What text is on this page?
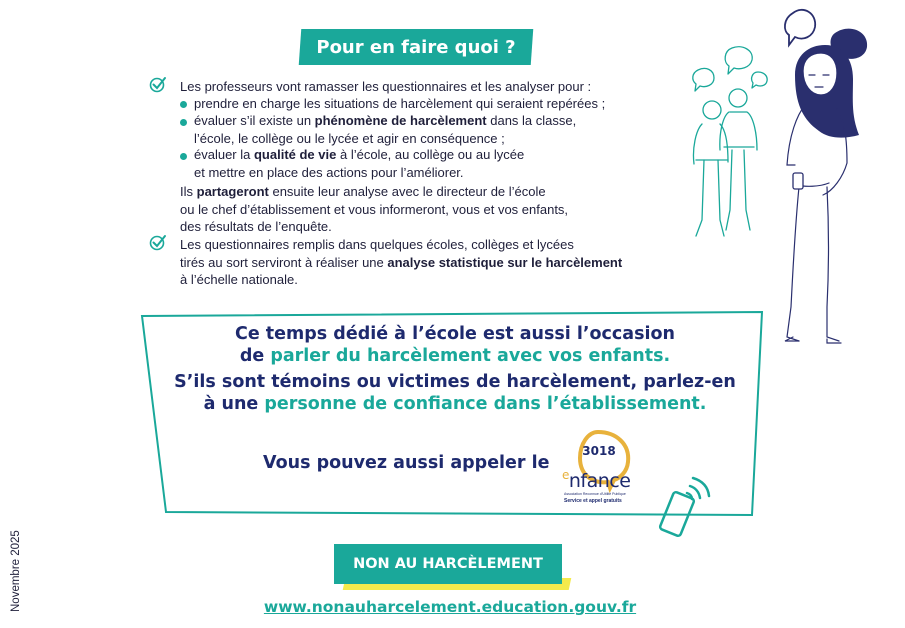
Pour en faire quoi ?
Les professeurs vont ramasser les questionnaires et les analyser pour :
prendre en charge les situations de harcèlement qui seraient repérées ;
évaluer s’il existe un phénomène de harcèlement dans la classe,
l’école, le collège ou le lycée et agir en conséquence ;
évaluer la qualité de vie à l’école, au collège ou au lycée
et mettre en place des actions pour l’améliorer.
Ils partageront ensuite leur analyse avec le directeur de l’école
ou le chef d’établissement et vous informeront, vous et vos enfants,
des résultats de l’enquête.
Les questionnaires remplis dans quelques écoles, collèges et lycées
tirés au sort serviront à réaliser une analyse statistique sur le harcèlement
à l’échelle nationale.
Ce temps dédié à l’école est aussi l’occasion
de parler du harcèlement avec vos enfants.
S’ils sont témoins ou victimes de harcèlement, parlez-en
à une personne de confiance dans l’établissement.
Vous pouvez aussi appeler le
3018
$^e$nfance
Association Reconnue d'Utilité Publique
Service et appel gratuits
NON AU HARCÈLEMENT
www.nonauharcelement.education.gouv.fr
Novembre 2025
